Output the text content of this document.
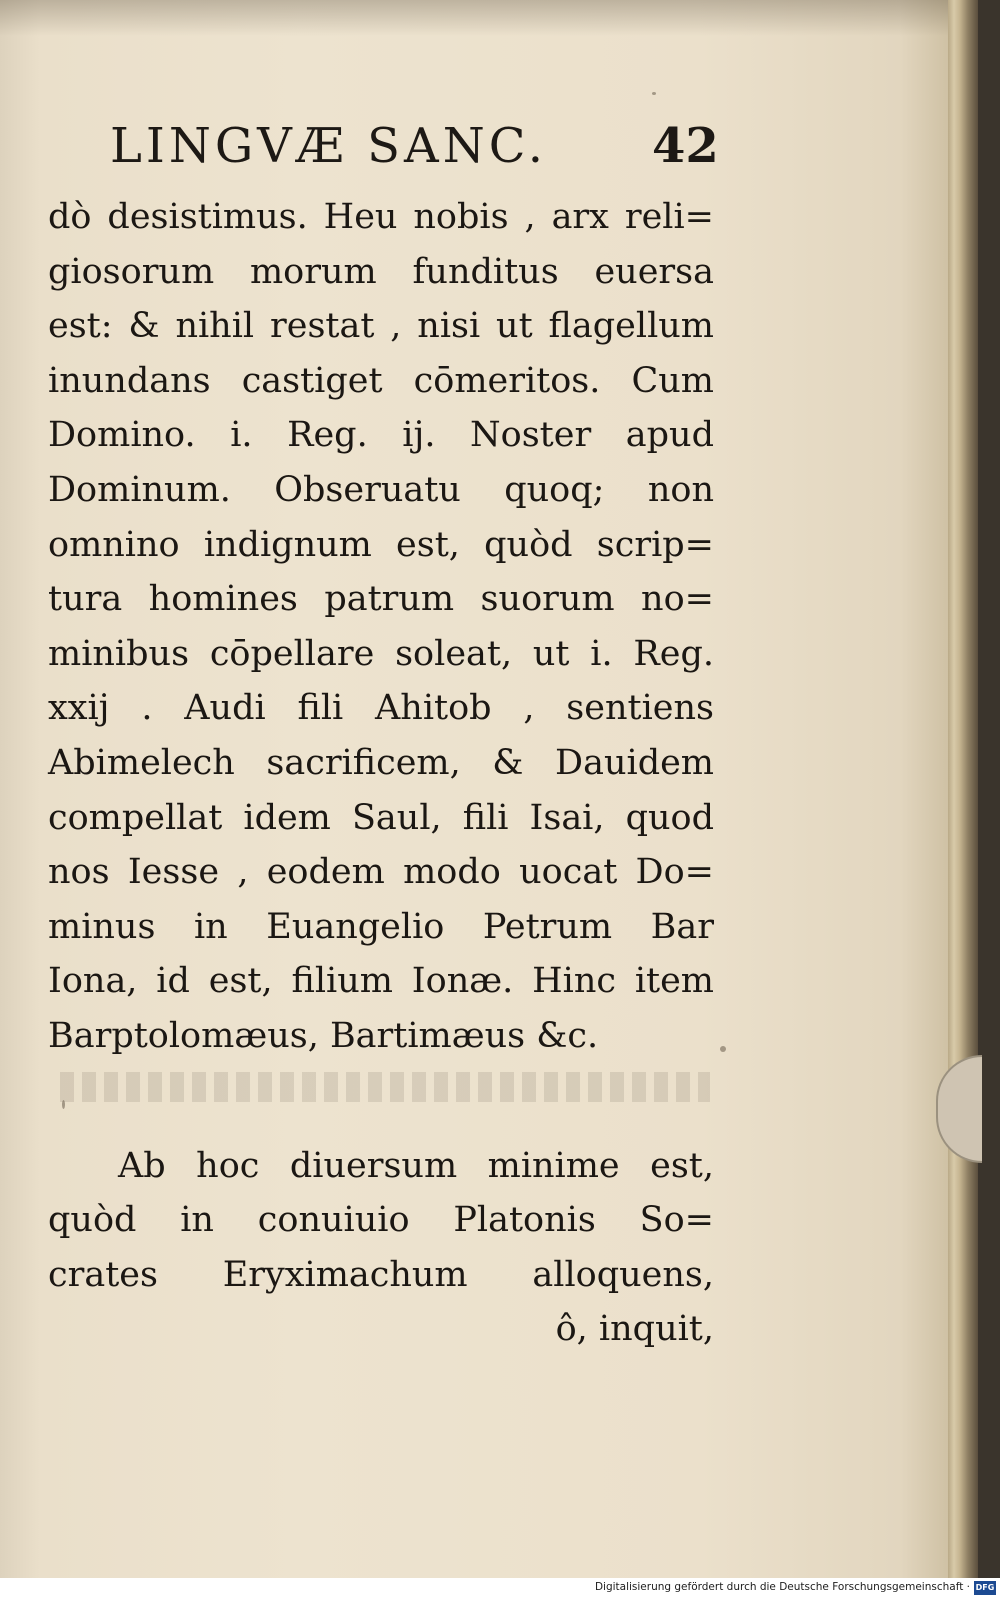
LINGVÆ SANC. 42
dò desistimus. Heu nobis , arx reli=
giosorum morum funditus euersa
est: & nihil restat , nisi ut flagellum
inundans castiget cōmeritos. Cum
Domino. i. Reg. ij. Noster apud
Dominum. Obseruatu quoq; non
omnino indignum est, quòd scrip=
tura homines patrum suorum no=
minibus cōpellare soleat, ut i. Reg.
xxij . Audi fili Ahitob , sentiens
Abimelech sacrificem, & Dauidem
compellat idem Saul, fili Isai, quod
nos Iesse , eodem modo uocat Do=
minus in Euangelio Petrum Bar
Iona, id est, filium Ionæ. Hinc item
Barptolomæus, Bartimæus &c.
Ab hoc diuersum minime est,
quòd in conuiuio Platonis So=
crates Eryximachum alloquens,
ô, inquit,
Digitalisierung gefördert durch die Deutsche Forschungsgemeinschaft · DFG
